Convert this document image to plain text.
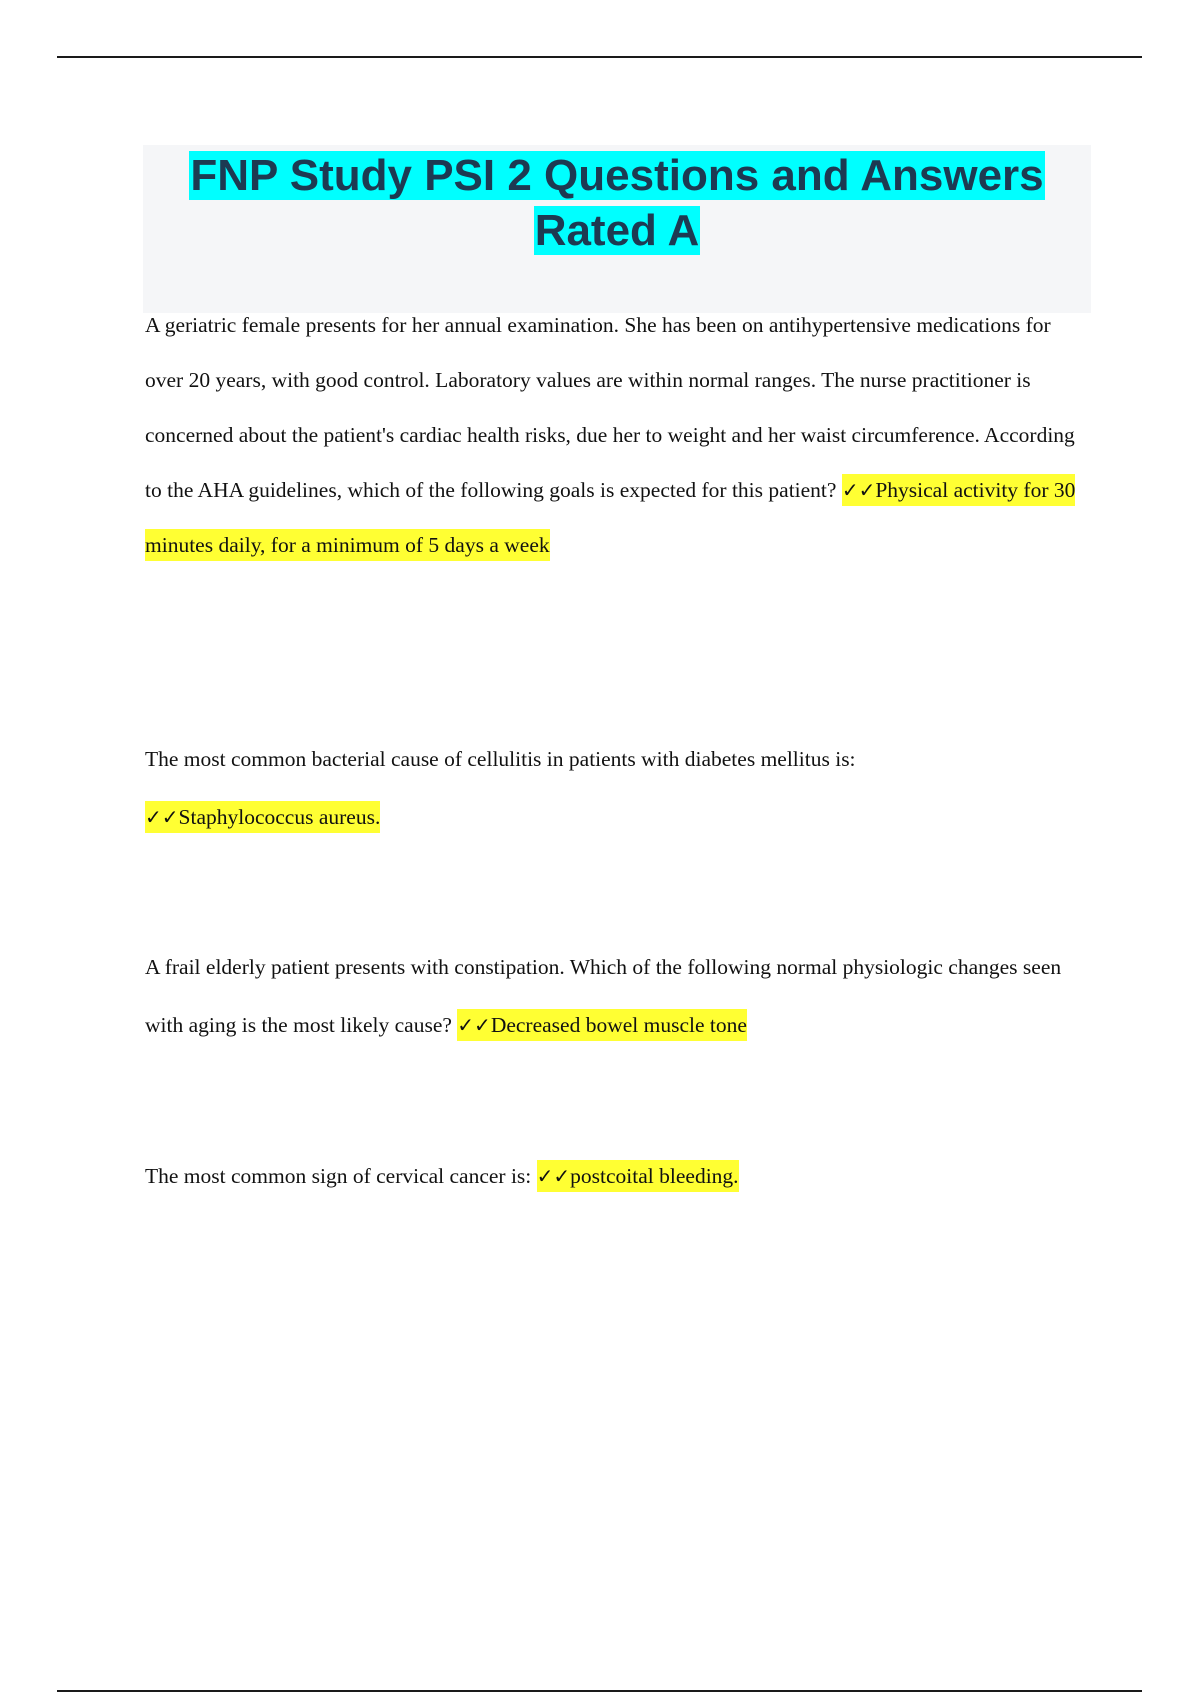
FNP Study PSI 2 Questions and Answers Rated A

A geriatric female presents for her annual examination. She has been on antihypertensive medications for over 20 years, with good control. Laboratory values are within normal ranges. The nurse practitioner is concerned about the patient's cardiac health risks, due her to weight and her waist circumference. According to the AHA guidelines, which of the following goals is expected for this patient? ✓✓Physical activity for 30 minutes daily, for a minimum of 5 days a week

The most common bacterial cause of cellulitis in patients with diabetes mellitus is:
✓✓Staphylococcus aureus.

A frail elderly patient presents with constipation. Which of the following normal physiologic changes seen with aging is the most likely cause? ✓✓Decreased bowel muscle tone

The most common sign of cervical cancer is: ✓✓postcoital bleeding.
